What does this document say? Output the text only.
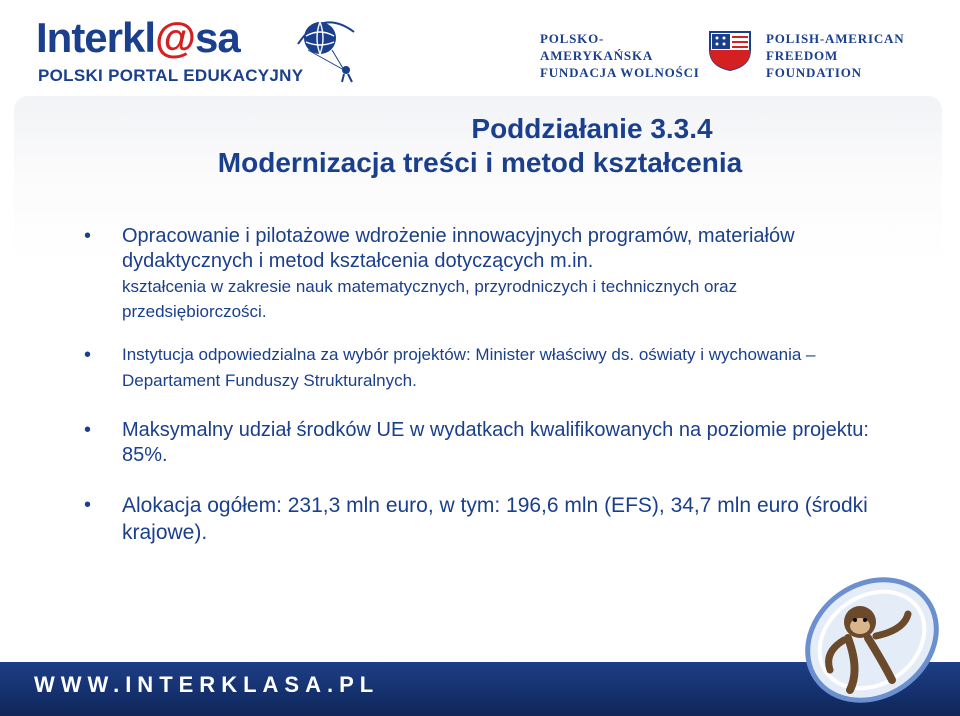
Interkl@sa
POLSKI PORTAL EDUKACYJNY
POLSKO-AMERYKAŃSKA
FUNDACJA WOLNOŚCI
POLISH-AMERICAN
FREEDOM FOUNDATION
Poddziałanie 3.3.4
Modernizacja treści i metod kształcenia
• Opracowanie i pilotażowe wdrożenie innowacyjnych programów, materiałów dydaktycznych i metod kształcenia dotyczących m.in.
kształcenia w zakresie nauk matematycznych, przyrodniczych i technicznych oraz przedsiębiorczości.
• Instytucja odpowiedzialna za wybór projektów: Minister właściwy ds. oświaty i wychowania –Departament Funduszy Strukturalnych.
• Maksymalny udział środków UE w wydatkach kwalifikowanych na poziomie projektu: 85%.
• Alokacja ogółem: 231,3 mln euro, w tym: 196,6 mln (EFS), 34,7 mln euro (środki krajowe).
WWW.INTERKLASA.PL
